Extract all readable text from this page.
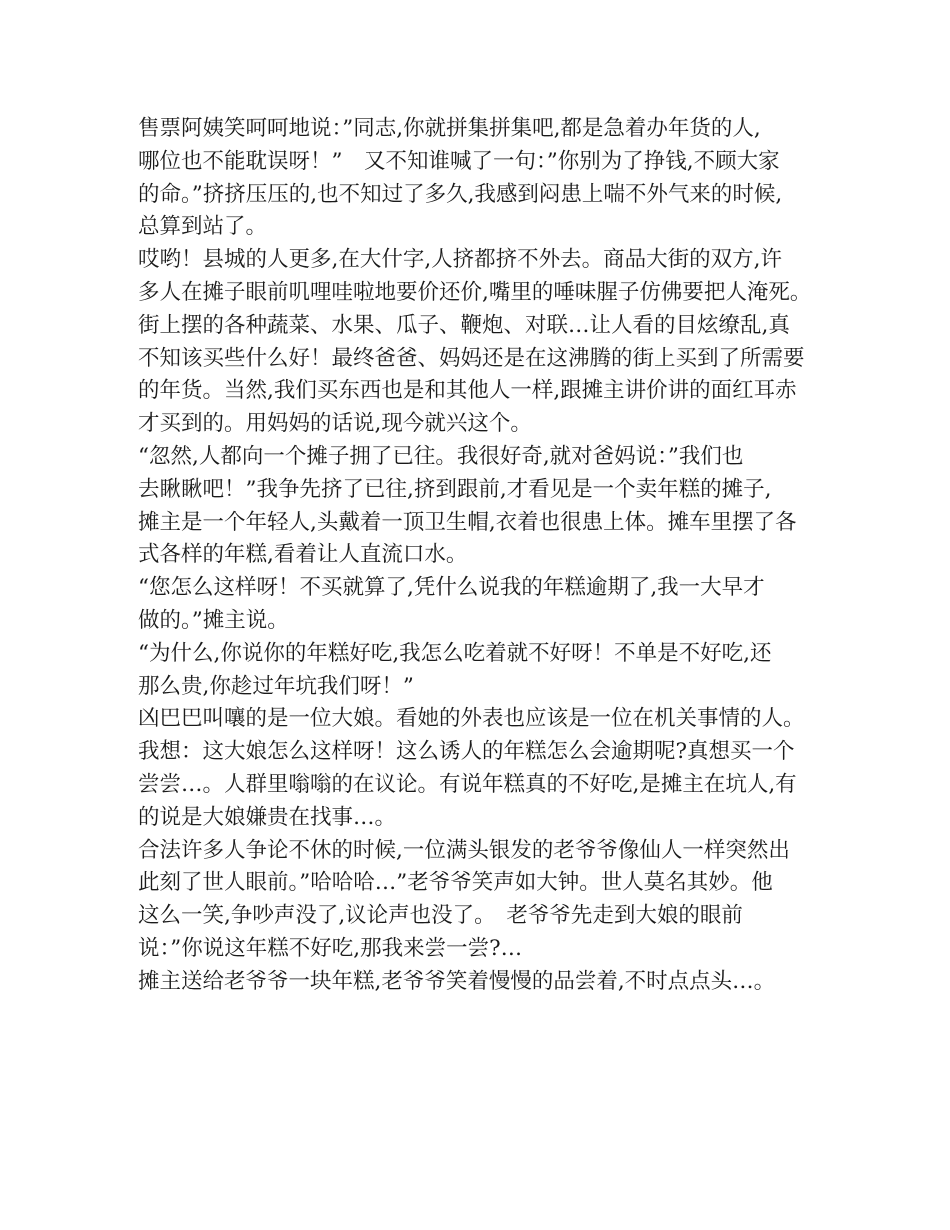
售票阿姨笑呵呵地说：”同志,你就拼集拼集吧,都是急着办年货的人,
哪位也不能耽误呀！”　又不知谁喊了一句：”你别为了挣钱,不顾大家
的命。”挤挤压压的,也不知过了多久,我感到闷患上喘不外气来的时候,
总算到站了。
哎哟！县城的人更多,在大什字,人挤都挤不外去。商品大街的双方,许
多人在摊子眼前叽哩哇啦地要价还价,嘴里的唾味腥子仿佛要把人淹死。
街上摆的各种蔬菜、水果、瓜子、鞭炮、对联…让人看的目炫缭乱,真
不知该买些什么好！最终爸爸、妈妈还是在这沸腾的街上买到了所需要
的年货。当然,我们买东西也是和其他人一样,跟摊主讲价讲的面红耳赤
才买到的。用妈妈的话说,现今就兴这个。
“忽然,人都向一个摊子拥了已往。我很好奇,就对爸妈说：”我们也
去瞅瞅吧！”我争先挤了已往,挤到跟前,才看见是一个卖年糕的摊子,
摊主是一个年轻人,头戴着一顶卫生帽,衣着也很患上体。摊车里摆了各
式各样的年糕,看着让人直流口水。
“您怎么这样呀！不买就算了,凭什么说我的年糕逾期了,我一大早才
做的。”摊主说。
“为什么,你说你的年糕好吃,我怎么吃着就不好呀！不单是不好吃,还
那么贵,你趁过年坑我们呀！”
凶巴巴叫嚷的是一位大娘。看她的外表也应该是一位在机关事情的人。
我想：这大娘怎么这样呀！这么诱人的年糕怎么会逾期呢?真想买一个
尝尝…。人群里嗡嗡的在议论。有说年糕真的不好吃,是摊主在坑人,有
的说是大娘嫌贵在找事…。
合法许多人争论不休的时候,一位满头银发的老爷爷像仙人一样突然出
此刻了世人眼前。”哈哈哈…”老爷爷笑声如大钟。世人莫名其妙。他
这么一笑,争吵声没了,议论声也没了。　老爷爷先走到大娘的眼前
说：”你说这年糕不好吃,那我来尝一尝?…
摊主送给老爷爷一块年糕,老爷爷笑着慢慢的品尝着,不时点点头…。
